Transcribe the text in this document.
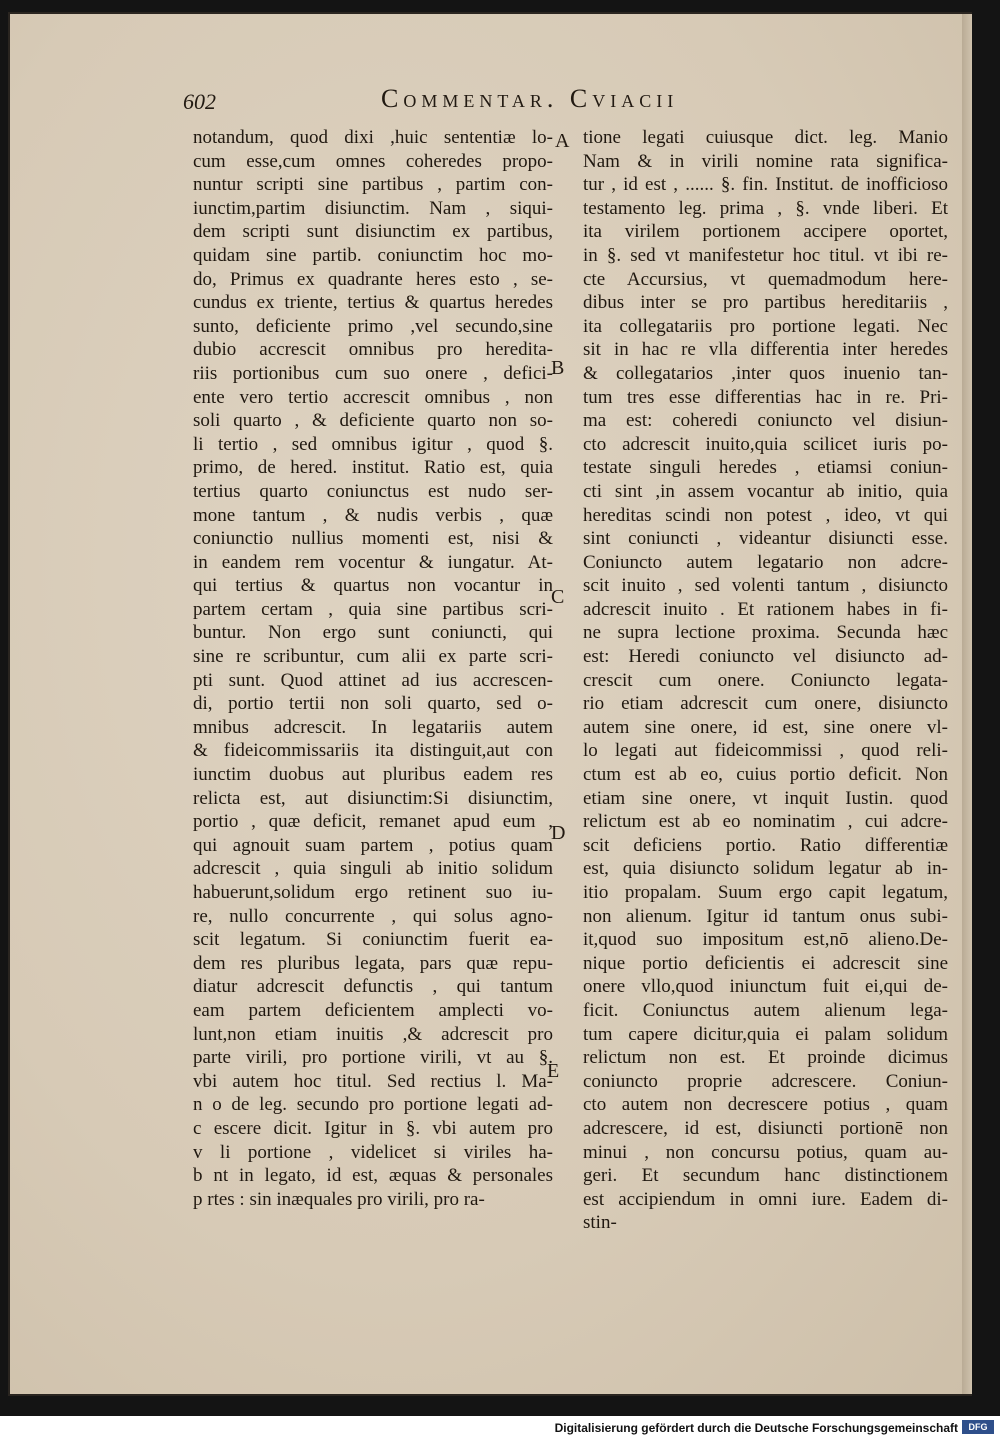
602	Commentar. Cviacii
notandum, quod dixi ,huic sententiæ lo-
cum esse,cum omnes coheredes propo-
nuntur scripti sine partibus , partim con-
iunctim,partim disiunctim. Nam , siqui-
dem scripti sunt disiunctim ex partibus,
quidam sine partib. coniunctim hoc mo-
do, Primus ex quadrante heres esto , se-
cundus ex triente, tertius & quartus heredes
sunto, deficiente primo ,vel secundo,sine
dubio accrescit omnibus pro heredita-
riis portionibus cum suo onere , defici-
ente vero tertio accrescit omnibus , non
soli quarto , & deficiente quarto non so-
li tertio , sed omnibus igitur , quod §.
primo, de hered. institut. Ratio est, quia
tertius quarto coniunctus est nudo ser-
mone tantum , & nudis verbis , quæ
coniunctio nullius momenti est, nisi &
in eandem rem vocentur & iungatur. At-
qui tertius & quartus non vocantur in
partem certam , quia sine partibus scri-
buntur. Non ergo sunt coniuncti, qui
sine re scribuntur, cum alii ex parte scri-
pti sunt. Quod attinet ad ius accrescen-
di, portio tertii non soli quarto, sed o-
mnibus adcrescit. In legatariis autem
& fideicommissariis ita distinguit,aut con
iunctim duobus aut pluribus eadem res
relicta est, aut disiunctim:Si disiunctim,
portio , quæ deficit, remanet apud eum ,
qui agnouit suam partem , potius quam
adcrescit , quia singuli ab initio solidum
habuerunt,solidum ergo retinent suo iu-
re, nullo concurrente , qui solus agno-
scit legatum. Si coniunctim fuerit ea-
dem res pluribus legata, pars quæ repu-
diatur adcrescit defunctis , qui tantum
eam partem deficientem amplecti vo-
lunt,non etiam inuitis ,& adcrescit pro
parte virili, pro portione virili, vt au §.
vbi autem hoc titul. Sed rectius l. Ma-
n o de leg. secundo pro portione legati ad-
c escere dicit. Igitur in §. vbi autem pro
v li portione , videlicet si viriles ha-
b nt in legato, id est, æquas & personales
p rtes : sin inæquales pro virili, pro ra-
tione legati cuiusque dict. leg. Manio
Nam & in virili nomine rata significa-
tur , id est , ...... §. fin. Institut. de inofficioso
testamento leg. prima , §. vnde liberi. Et
ita virilem portionem accipere oportet,
in §. sed vt manifestetur hoc titul. vt ibi re-
cte Accursius, vt quemadmodum here-
dibus inter se pro partibus hereditariis ,
ita collegatariis pro portione legati. Nec
sit in hac re vlla differentia inter heredes
& collegatarios ,inter quos inuenio tan-
tum tres esse differentias hac in re. Pri-
ma est: coheredi coniuncto vel disiun-
cto adcrescit inuito,quia scilicet iuris po-
testate singuli heredes , etiamsi coniun-
cti sint ,in assem vocantur ab initio, quia
hereditas scindi non potest , ideo, vt qui
sint coniuncti , videantur disiuncti esse.
Coniuncto autem legatario non adcre-
scit inuito , sed volenti tantum , disiuncto
adcrescit inuito . Et rationem habes in fi-
ne supra lectione proxima. Secunda hæc
est: Heredi coniuncto vel disiuncto ad-
crescit cum onere. Coniuncto legata-
rio etiam adcrescit cum onere, disiuncto
autem sine onere, id est, sine onere vl-
lo legati aut fideicommissi , quod reli-
ctum est ab eo, cuius portio deficit. Non
etiam sine onere, vt inquit Iustin. quod
relictum est ab eo nominatim , cui adcre-
scit deficiens portio. Ratio differentiæ
est, quia disiuncto solidum legatur ab in-
itio propalam. Suum ergo capit legatum,
non alienum. Igitur id tantum onus subi-
it,quod suo impositum est,nō alieno.De-
nique portio deficientis ei adcrescit sine
onere vllo,quod iniunctum fuit ei,qui de-
ficit. Coniunctus autem alienum lega-
tum capere dicitur,quia ei palam solidum
relictum non est. Et proinde dicimus
coniuncto proprie adcrescere. Coniun-
cto autem non decrescere potius , quam
adcrescere, id est, disiuncti portionē non
minui , non concursu potius, quam au-
geri. Et secundum hanc distinctionem
est accipiendum in omni iure. Eadem di-
stin-
A
B
C
D
E
Digitalisierung gefördert durch die Deutsche Forschungsgemeinschaft	DFG
